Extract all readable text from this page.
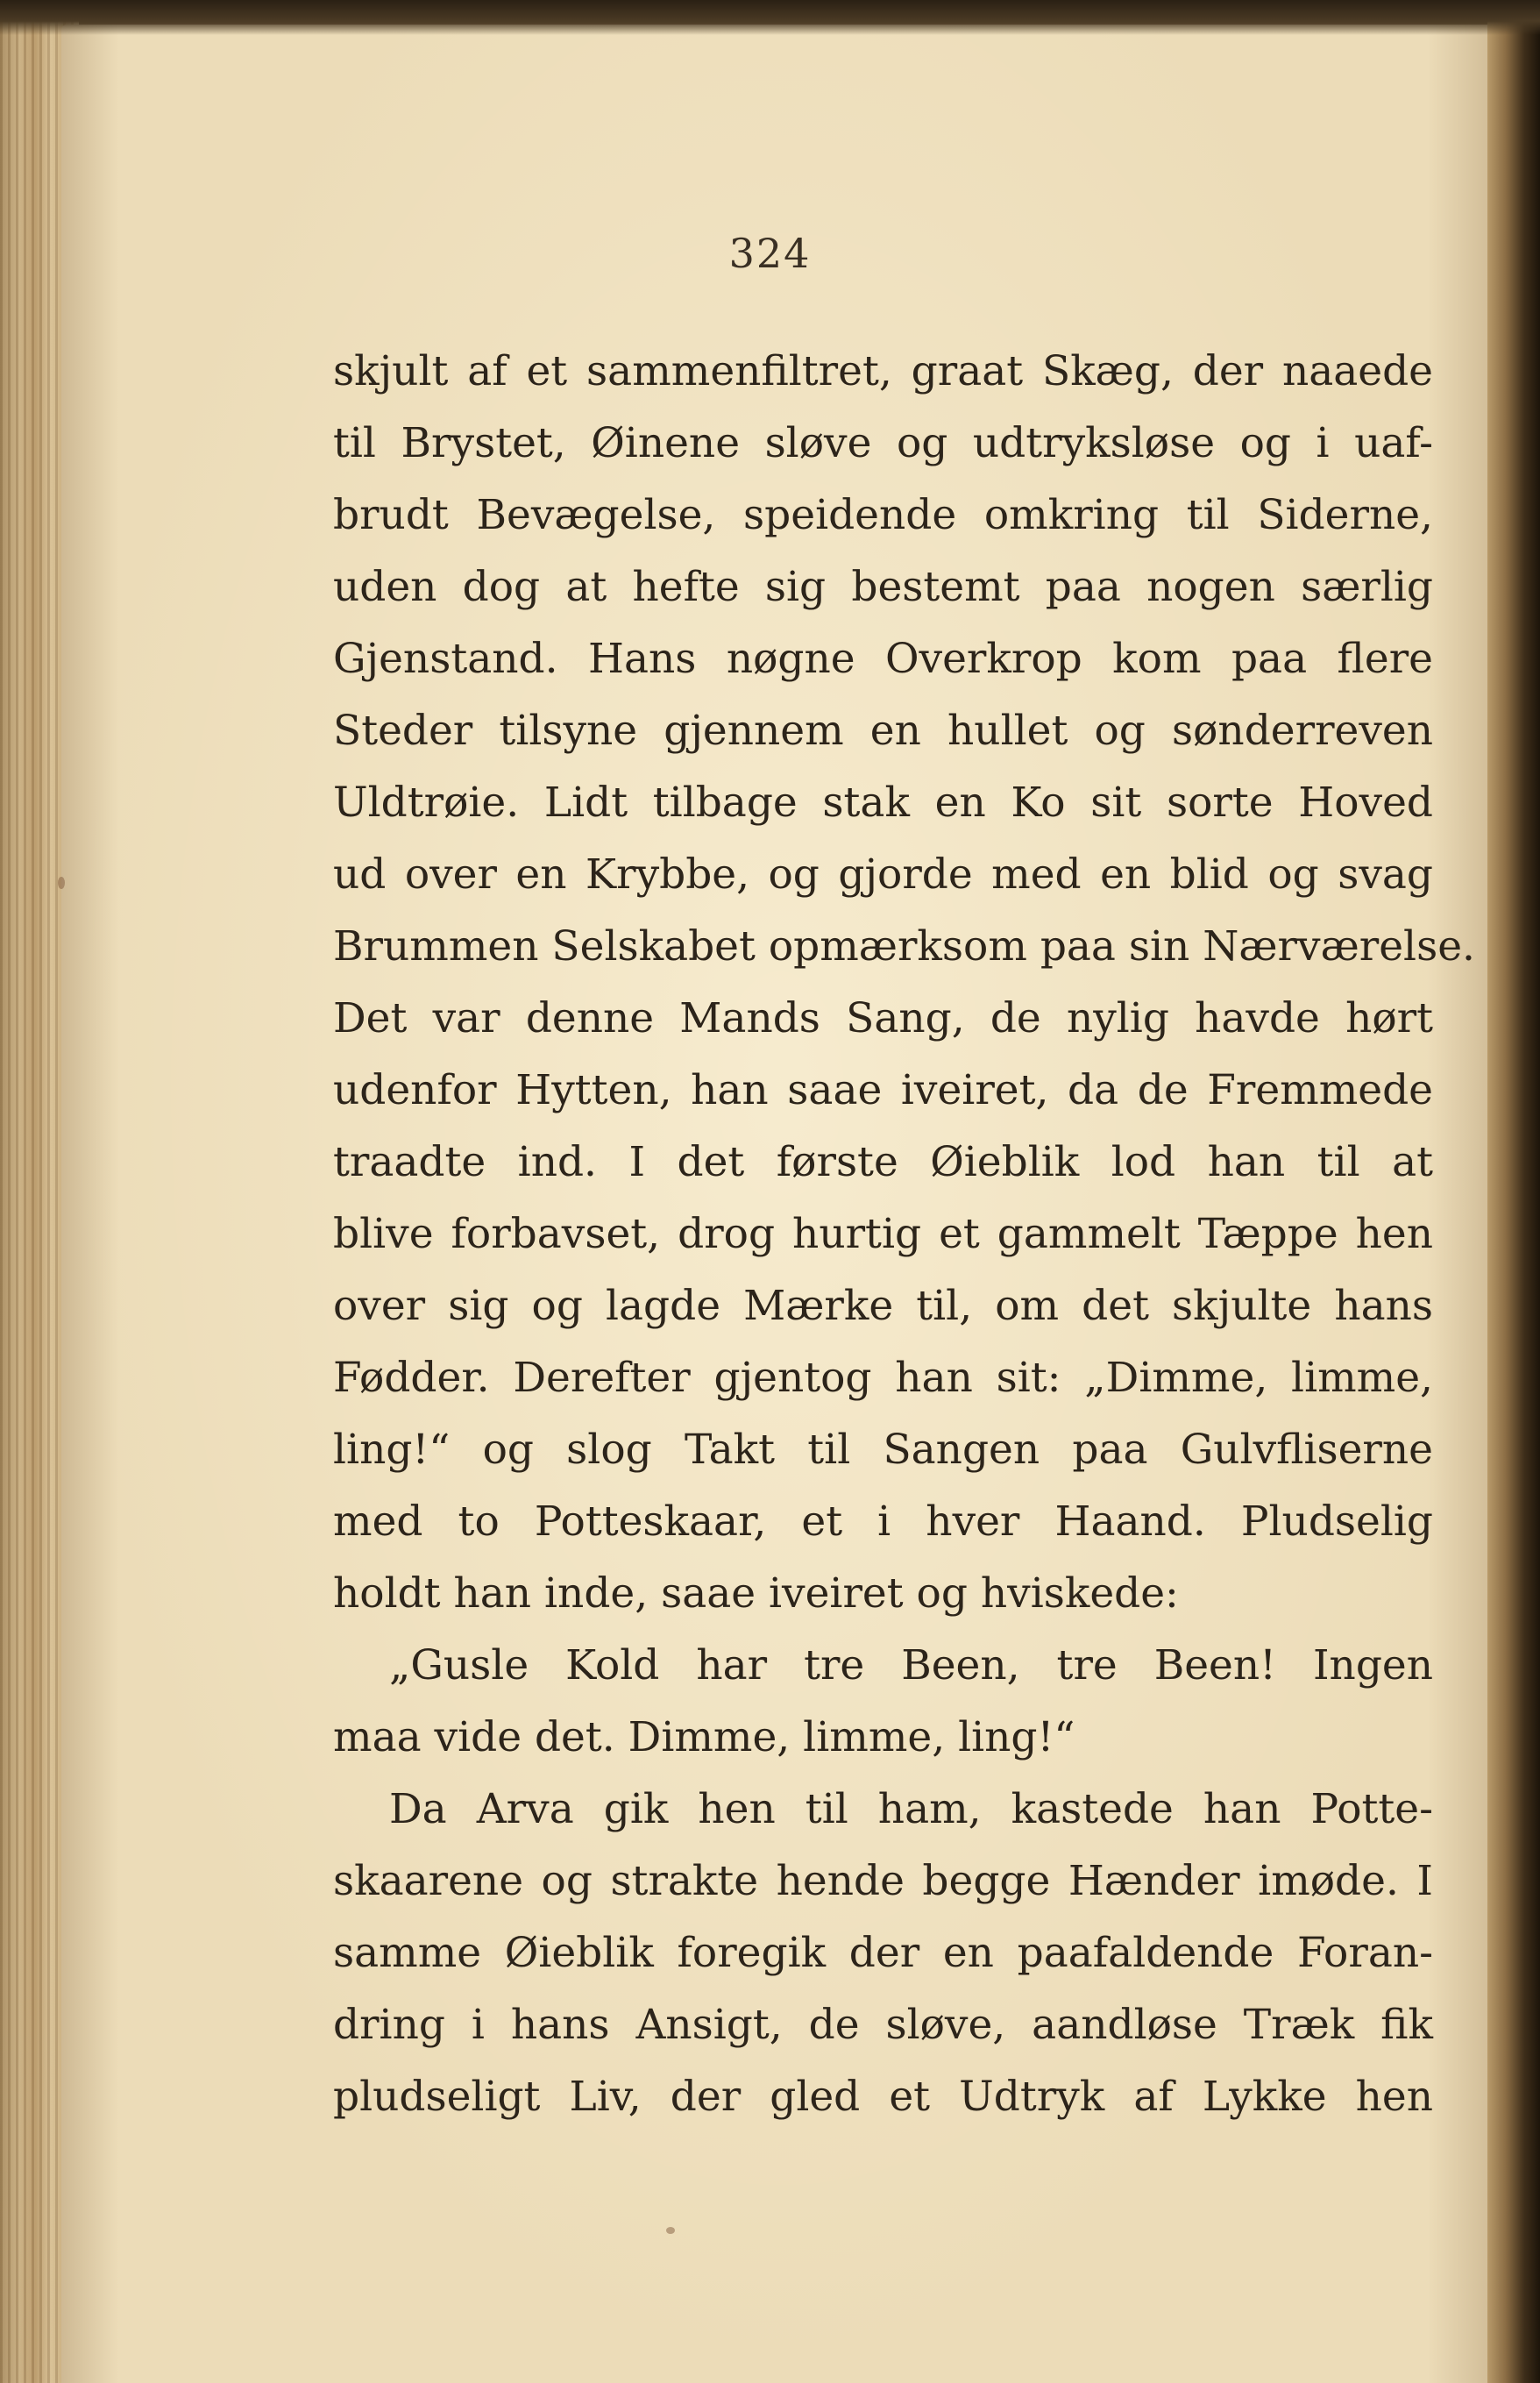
324
skjult af et sammenfiltret, graat Skæg, der naaede
til Brystet, Øinene sløve og udtryksløse og i uaf-
brudt Bevægelse, speidende omkring til Siderne,
uden dog at hefte sig bestemt paa nogen særlig
Gjenstand. Hans nøgne Overkrop kom paa flere
Steder tilsyne gjennem en hullet og sønderreven
Uldtrøie. Lidt tilbage stak en Ko sit sorte Hoved
ud over en Krybbe, og gjorde med en blid og svag
Brummen Selskabet opmærksom paa sin Nærværelse.
Det var denne Mands Sang, de nylig havde hørt
udenfor Hytten, han saae ivеiret, da de Fremmede
traadte ind. I det første Øieblik lod han til at
blive forbavset, drog hurtig et gammelt Tæppe hen
over sig og lagde Mærke til, om det skjulte hans
Fødder. Derefter gjentog han sit: „Dimme, limme,
ling!“ og slog Takt til Sangen paa Gulvfliserne
med to Potteskaar, et i hver Haand. Pludselig
holdt han inde, saae iveiret og hviskede:
„Gusle Kold har tre Been, tre Been! Ingen
maa vide det. Dimme, limme, ling!“
Da Arva gik hen til ham, kastede han Potte-
skaarene og strakte hende begge Hænder imøde. I
samme Øieblik foregik der en paafaldende Foran-
dring i hans Ansigt, de sløve, aandløse Træk fik
pludseligt Liv, der gled et Udtryk af Lykke hen
